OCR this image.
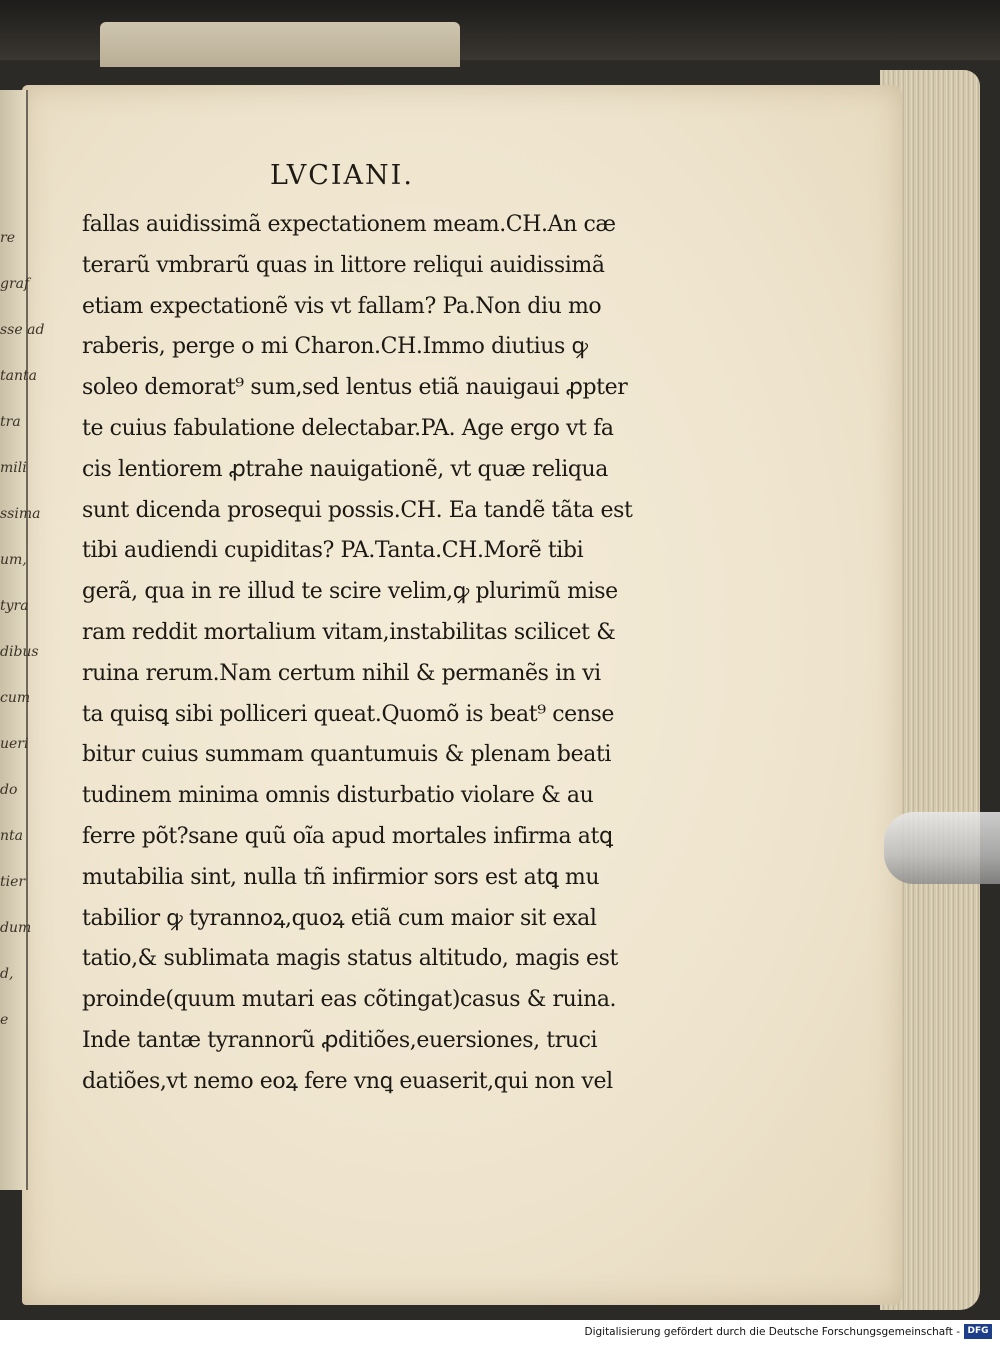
re
graf
sse ad
tanta
tra
mili
ssima
um,
tyra
dibus
cum
ueri
do
nta
tier
dum
d,
e
LVCIANI.
fallas auidissimã expectationem meam.CH.An cæ
terarũ vmbrarũ quas in littore reliqui auidissimã
etiam expectationẽ vis vt fallam? Pa.Non diu mo
raberis, perge o mi Charon.CH.Immo diutius ꝙ
soleo demorat⁹ sum,sed lentus etiã nauigaui ꝓpter
te cuius fabulatione delectabar.PA. Age ergo vt fa
cis lentiorem ꝓtrahe nauigationẽ, vt quæ reliqua
sunt dicenda prosequi possis.CH. Ea tandẽ tãta est
tibi audiendi cupiditas? PA.Tanta.CH.Morẽ tibi
gerã, qua in re illud te scire velim,ꝙ plurimũ mise
ram reddit mortalium vitam,instabilitas scilicet &
ruina rerum.Nam certum nihil & permanẽs in vi
ta quisꝗ sibi polliceri queat.Quomõ is beat⁹ cense
bitur cuius summam quantumuis & plenam beati
tudinem minima omnis disturbatio violare & au
ferre põt?sane quũ oĩa apud mortales infirma atꝗ
mutabilia sint, nulla tñ infirmior sors est atꝗ mu
tabilior ꝙ tyrannoꝝ,quoꝝ etiã cum maior sit exal
tatio,& sublimata magis status altitudo, magis est
proinde(quum mutari eas cõtingat)casus & ruina.
Inde tantæ tyrannorũ ꝓditiões,euersiones, truci
datiões,vt nemo eoꝝ fere vnꝗ euaserit,qui non vel
Digitalisierung gefördert durch die Deutsche Forschungsgemeinschaft - DFG
